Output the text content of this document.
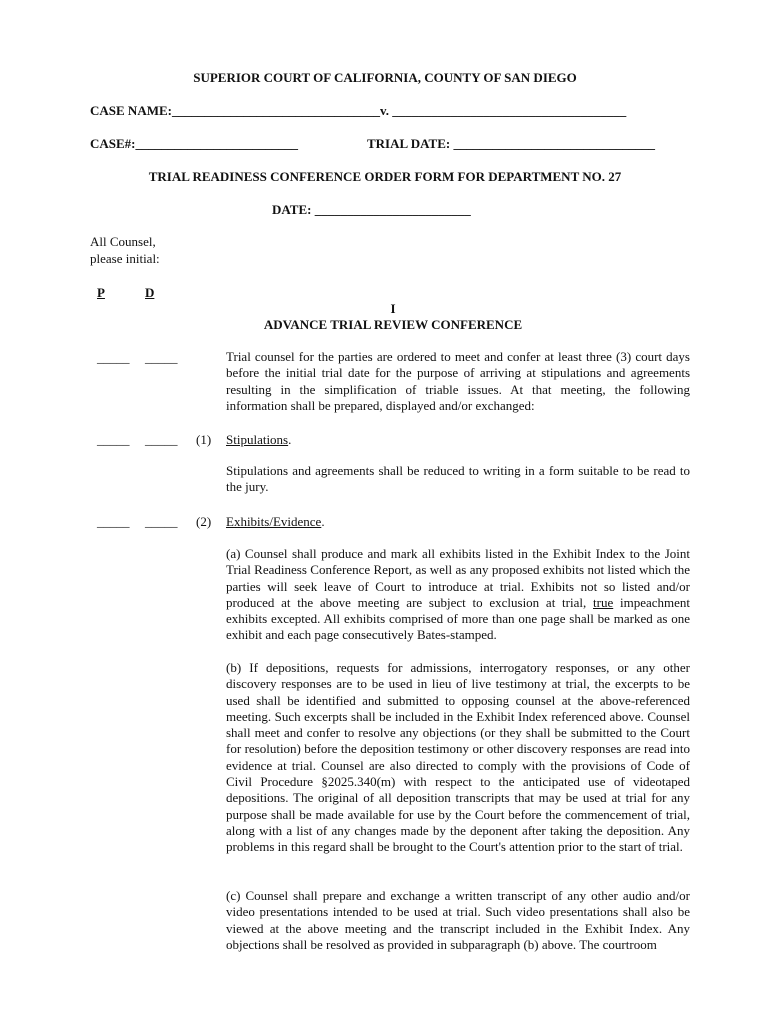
SUPERIOR COURT OF CALIFORNIA, COUNTY OF SAN DIEGO
CASE NAME:________________________________v. ____________________________________
CASE#:_________________________	TRIAL DATE: _______________________________
TRIAL READINESS CONFERENCE ORDER FORM FOR DEPARTMENT NO. 27
DATE: ________________________
All Counsel,
please initial:
P	D
I
ADVANCE TRIAL REVIEW CONFERENCE
_____ _____	Trial counsel for the parties are ordered to meet and confer at least three (3) court days before the initial trial date for the purpose of arriving at stipulations and agreements resulting in the simplification of triable issues. At that meeting, the following information shall be prepared, displayed and/or exchanged:
_____ _____ (1) Stipulations.
Stipulations and agreements shall be reduced to writing in a form suitable to be read to the jury.
_____ _____ (2) Exhibits/Evidence.
(a) Counsel shall produce and mark all exhibits listed in the Exhibit Index to the Joint Trial Readiness Conference Report, as well as any proposed exhibits not listed which the parties will seek leave of Court to introduce at trial. Exhibits not so listed and/or produced at the above meeting are subject to exclusion at trial, true impeachment exhibits excepted. All exhibits comprised of more than one page shall be marked as one exhibit and each page consecutively Bates-stamped.
(b) If depositions, requests for admissions, interrogatory responses, or any other discovery responses are to be used in lieu of live testimony at trial, the excerpts to be used shall be identified and submitted to opposing counsel at the above-referenced meeting. Such excerpts shall be included in the Exhibit Index referenced above. Counsel shall meet and confer to resolve any objections (or they shall be submitted to the Court for resolution) before the deposition testimony or other discovery responses are read into evidence at trial. Counsel are also directed to comply with the provisions of Code of Civil Procedure §2025.340(m) with respect to the anticipated use of videotaped depositions. The original of all deposition transcripts that may be used at trial for any purpose shall be made available for use by the Court before the commencement of trial, along with a list of any changes made by the deponent after taking the deposition. Any problems in this regard shall be brought to the Court's attention prior to the start of trial.
(c) Counsel shall prepare and exchange a written transcript of any other audio and/or video presentations intended to be used at trial. Such video presentations shall also be viewed at the above meeting and the transcript included in the Exhibit Index. Any objections shall be resolved as provided in subparagraph (b) above. The courtroom
